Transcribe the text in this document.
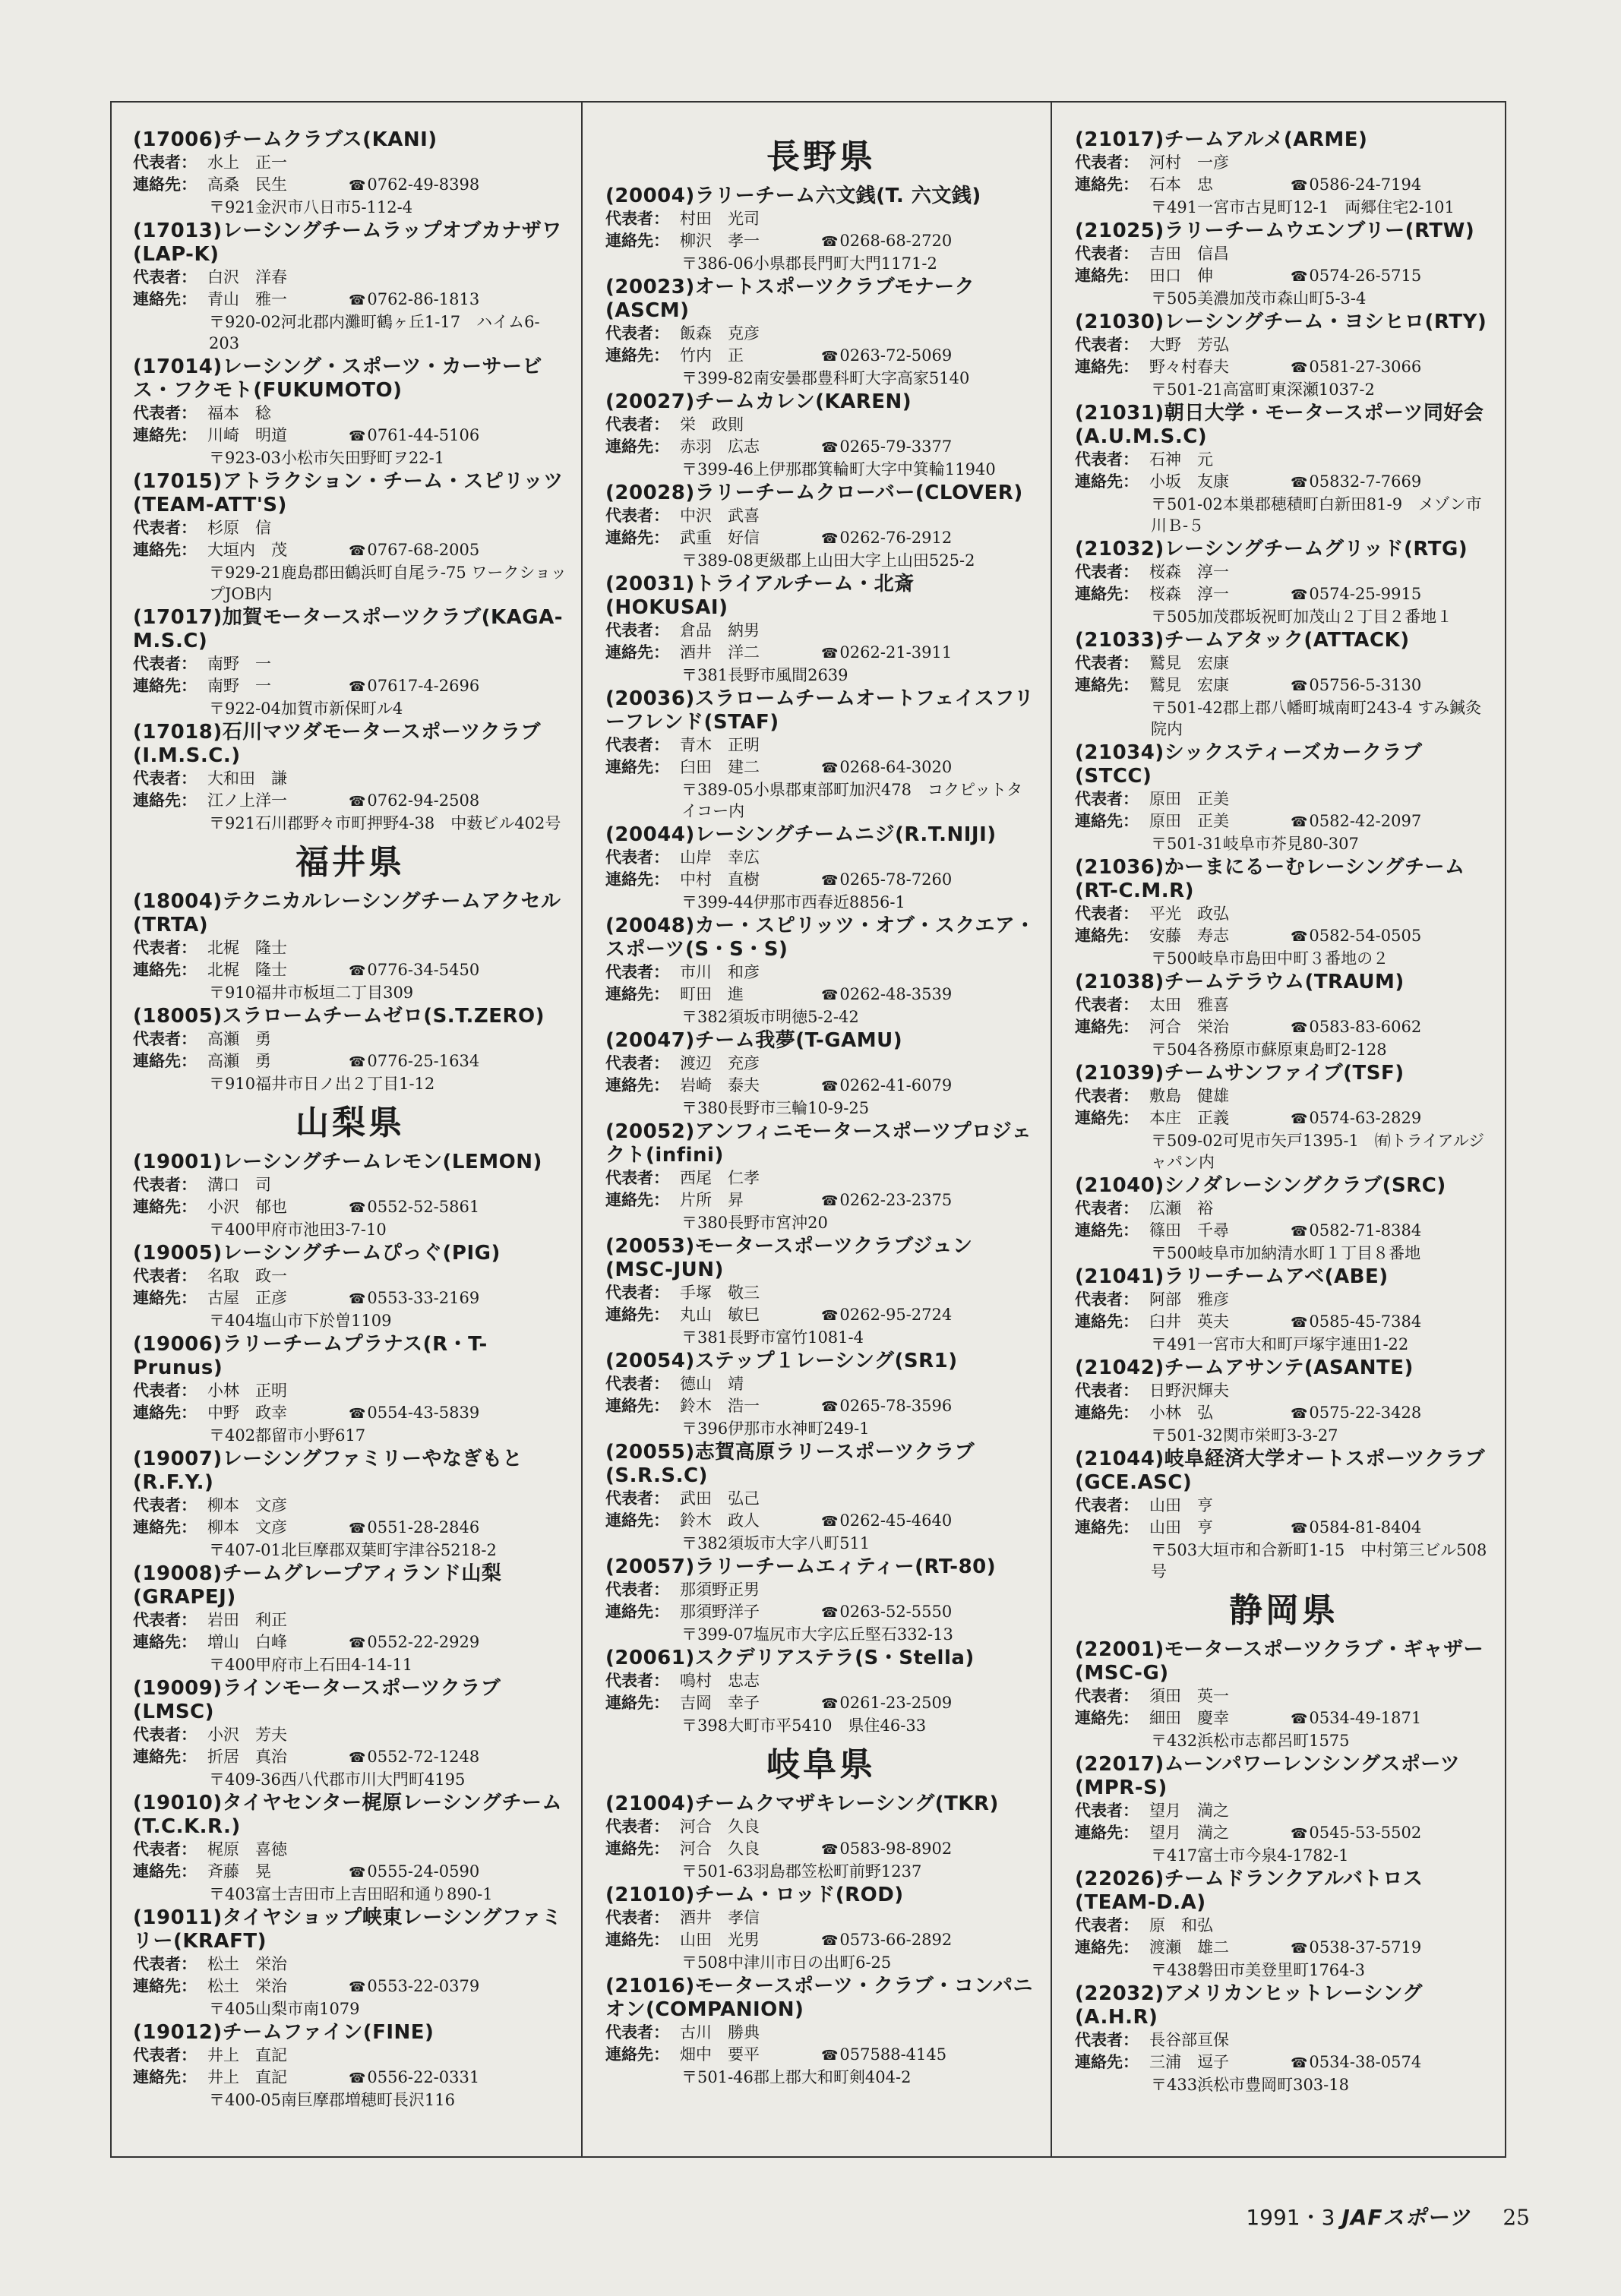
(17006)チームクラブス(KANI)
代表者： 水上　正一
連絡先： 高桑　民生	☎0762-49-8398
〒921金沢市八日市5-112-4
(17013)レーシングチームラップオブカナザワ(LAP-K)
代表者： 白沢　洋春
連絡先： 青山　雅一	☎0762-86-1813
〒920-02河北郡内灘町鶴ヶ丘1-17　ハイム6-203
(17014)レーシング・スポーツ・カーサービス・フクモト(FUKUMOTO)
代表者： 福本　稔
連絡先： 川崎　明道	☎0761-44-5106
〒923-03小松市矢田野町ヲ22-1
(17015)アトラクション・チーム・スピリッツ(TEAM-ATT'S)
代表者： 杉原　信
連絡先： 大垣内　茂	☎0767-68-2005
〒929-21鹿島郡田鶴浜町自尾ラ-75 ワークショップJOB内
(17017)加賀モータースポーツクラブ(KAGA-M.S.C)
代表者： 南野　一
連絡先： 南野　一	☎07617-4-2696
〒922-04加賀市新保町ル4
(17018)石川マツダモータースポーツクラブ(I.M.S.C.)
代表者： 大和田　謙
連絡先： 江ノ上洋一	☎0762-94-2508
〒921石川郡野々市町押野4-38　中薮ビル402号
福井県
(18004)テクニカルレーシングチームアクセル(TRTA)
代表者： 北梶　隆士
連絡先： 北梶　隆士	☎0776-34-5450
〒910福井市板垣二丁目309
(18005)スラロームチームゼロ(S.T.ZERO)
代表者： 高瀬　勇
連絡先： 高瀬　勇	☎0776-25-1634
〒910福井市日ノ出２丁目1-12
山梨県
(19001)レーシングチームレモン(LEMON)
代表者： 溝口　司
連絡先： 小沢　郁也	☎0552-52-5861
〒400甲府市池田3-7-10
(19005)レーシングチームぴっぐ(PIG)
代表者： 名取　政一
連絡先： 古屋　正彦	☎0553-33-2169
〒404塩山市下於曽1109
(19006)ラリーチームプラナス(R・T-Prunus)
代表者： 小林　正明
連絡先： 中野　政幸	☎0554-43-5839
〒402都留市小野617
(19007)レーシングファミリーやなぎもと(R.F.Y.)
代表者： 柳本　文彦
連絡先： 柳本　文彦	☎0551-28-2846
〒407-01北巨摩郡双葉町宇津谷5218-2
(19008)チームグレープアィランド山梨(GRAPEJ)
代表者： 岩田　利正
連絡先： 増山　白峰	☎0552-22-2929
〒400甲府市上石田4-14-11
(19009)ラインモータースポーツクラブ(LMSC)
代表者： 小沢　芳夫
連絡先： 折居　真治	☎0552-72-1248
〒409-36西八代郡市川大門町4195
(19010)タイヤセンター梶原レーシングチーム(T.C.K.R.)
代表者： 梶原　喜徳
連絡先： 斉藤　晃	☎0555-24-0590
〒403富士吉田市上吉田昭和通り890-1
(19011)タイヤショップ峡東レーシングファミリー(KRAFT)
代表者： 松土　栄治
連絡先： 松土　栄治	☎0553-22-0379
〒405山梨市南1079
(19012)チームファイン(FINE)
代表者： 井上　直記
連絡先： 井上　直記	☎0556-22-0331
〒400-05南巨摩郡増穂町長沢116
長野県
(20004)ラリーチーム六文銭(T. 六文銭)
代表者： 村田　光司
連絡先： 柳沢　孝一	☎0268-68-2720
〒386-06小県郡長門町大門1171-2
(20023)オートスポーツクラブモナーク(ASCM)
代表者： 飯森　克彦
連絡先： 竹内　正	☎0263-72-5069
〒399-82南安曇郡豊科町大字高家5140
(20027)チームカレン(KAREN)
代表者： 栄　政則
連絡先： 赤羽　広志	☎0265-79-3377
〒399-46上伊那郡箕輪町大字中箕輪11940
(20028)ラリーチームクローバー(CLOVER)
代表者： 中沢　武喜
連絡先： 武重　好信	☎0262-76-2912
〒389-08更級郡上山田大字上山田525-2
(20031)トライアルチーム・北斎(HOKUSAI)
代表者： 倉品　納男
連絡先： 酒井　洋二	☎0262-21-3911
〒381長野市風間2639
(20036)スラロームチームオートフェイスフリーフレンド(STAF)
代表者： 青木　正明
連絡先： 臼田　建二	☎0268-64-3020
〒389-05小県郡東部町加沢478　コクピットタイコー内
(20044)レーシングチームニジ(R.T.NIJI)
代表者： 山岸　幸広
連絡先： 中村　直樹	☎0265-78-7260
〒399-44伊那市西春近8856-1
(20048)カー・スピリッツ・オブ・スクエア・スポーツ(S・S・S)
代表者： 市川　和彦
連絡先： 町田　進	☎0262-48-3539
〒382須坂市明徳5-2-42
(20047)チーム我夢(T-GAMU)
代表者： 渡辺　充彦
連絡先： 岩崎　泰夫	☎0262-41-6079
〒380長野市三輪10-9-25
(20052)アンフィニモータースポーツプロジェクト(infini)
代表者： 西尾　仁孝
連絡先： 片所　昇	☎0262-23-2375
〒380長野市宮沖20
(20053)モータースポーツクラブジュン(MSC-JUN)
代表者： 手塚　敬三
連絡先： 丸山　敏巳	☎0262-95-2724
〒381長野市富竹1081-4
(20054)ステップ１レーシング(SR1)
代表者： 德山　靖
連絡先： 鈴木　浩一	☎0265-78-3596
〒396伊那市水神町249-1
(20055)志賀高原ラリースポーツクラブ(S.R.S.C)
代表者： 武田　弘己
連絡先： 鈴木　政人	☎0262-45-4640
〒382須坂市大字八町511
(20057)ラリーチームエィティー(RT-80)
代表者： 那須野正男
連絡先： 那須野洋子	☎0263-52-5550
〒399-07塩尻市大字広丘堅石332-13
(20061)スクデリアステラ(S・Stella)
代表者： 鳴村　忠志
連絡先： 吉岡　幸子	☎0261-23-2509
〒398大町市平5410　県住46-33
岐阜県
(21004)チームクマザキレーシング(TKR)
代表者： 河合　久良
連絡先： 河合　久良	☎0583-98-8902
〒501-63羽島郡笠松町前野1237
(21010)チーム・ロッド(ROD)
代表者： 酒井　孝信
連絡先： 山田　光男	☎0573-66-2892
〒508中津川市日の出町6-25
(21016)モータースポーツ・クラブ・コンパニオン(COMPANION)
代表者： 古川　勝典
連絡先： 畑中　要平	☎057588-4145
〒501-46郡上郡大和町剣404-2
(21017)チームアルメ(ARME)
代表者： 河村　一彦
連絡先： 石本　忠	☎0586-24-7194
〒491一宮市古見町12-1　両郷住宅2-101
(21025)ラリーチームウエンブリー(RTW)
代表者： 吉田　信昌
連絡先： 田口　伸	☎0574-26-5715
〒505美濃加茂市森山町5-3-4
(21030)レーシングチーム・ヨシヒロ(RTY)
代表者： 大野　芳弘
連絡先： 野々村春夫	☎0581-27-3066
〒501-21高富町東深瀬1037-2
(21031)朝日大学・モータースポーツ同好会(A.U.M.S.C)
代表者： 石神　元
連絡先： 小坂　友康	☎05832-7-7669
〒501-02本巣郡穂積町白新田81-9　メゾン市川Ｂ-５
(21032)レーシングチームグリッド(RTG)
代表者： 桜森　淳一
連絡先： 桜森　淳一	☎0574-25-9915
〒505加茂郡坂祝町加茂山２丁目２番地１
(21033)チームアタック(ATTACK)
代表者： 鷲見　宏康
連絡先： 鷲見　宏康	☎05756-5-3130
〒501-42郡上郡八幡町城南町243-4 すみ鍼灸院内
(21034)シックスティーズカークラブ(STCC)
代表者： 原田　正美
連絡先： 原田　正美	☎0582-42-2097
〒501-31岐阜市芥見80-307
(21036)かーまにるーむレーシングチーム(RT-C.M.R)
代表者： 平光　政弘
連絡先： 安藤　寿志	☎0582-54-0505
〒500岐阜市島田中町３番地の２
(21038)チームテラウム(TRAUM)
代表者： 太田　雅喜
連絡先： 河合　栄治	☎0583-83-6062
〒504各務原市蘇原東島町2-128
(21039)チームサンファイブ(TSF)
代表者： 敷島　健雄
連絡先： 本庄　正義	☎0574-63-2829
〒509-02可児市矢戸1395-1　㈲トライアルジャパン内
(21040)シノダレーシングクラブ(SRC)
代表者： 広瀬　裕
連絡先： 篠田　千尋	☎0582-71-8384
〒500岐阜市加納清水町１丁目８番地
(21041)ラリーチームアベ(ABE)
代表者： 阿部　雅彦
連絡先： 臼井　英夫	☎0585-45-7384
〒491一宮市大和町戸塚宇連田1-22
(21042)チームアサンテ(ASANTE)
代表者： 日野沢輝夫
連絡先： 小林　弘	☎0575-22-3428
〒501-32関市栄町3-3-27
(21044)岐阜経済大学オートスポーツクラブ(GCE.ASC)
代表者： 山田　亨
連絡先： 山田　亨	☎0584-81-8404
〒503大垣市和合新町1-15　中村第三ビル508号
静岡県
(22001)モータースポーツクラブ・ギャザー(MSC-G)
代表者： 須田　英一
連絡先： 細田　慶幸	☎0534-49-1871
〒432浜松市志都呂町1575
(22017)ムーンパワーレンシングスポーツ(MPR-S)
代表者： 望月　満之
連絡先： 望月　満之	☎0545-53-5502
〒417富士市今泉4-1782-1
(22026)チームドランクアルバトロス(TEAM-D.A)
代表者： 原　和弘
連絡先： 渡瀬　雄二	☎0538-37-5719
〒438磐田市美登里町1764-3
(22032)アメリカンヒットレーシング(A.H.R)
代表者： 長谷部亘保
連絡先： 三浦　逗子	☎0534-38-0574
〒433浜松市豊岡町303-18
1991・3 JAFスポーツ 25
